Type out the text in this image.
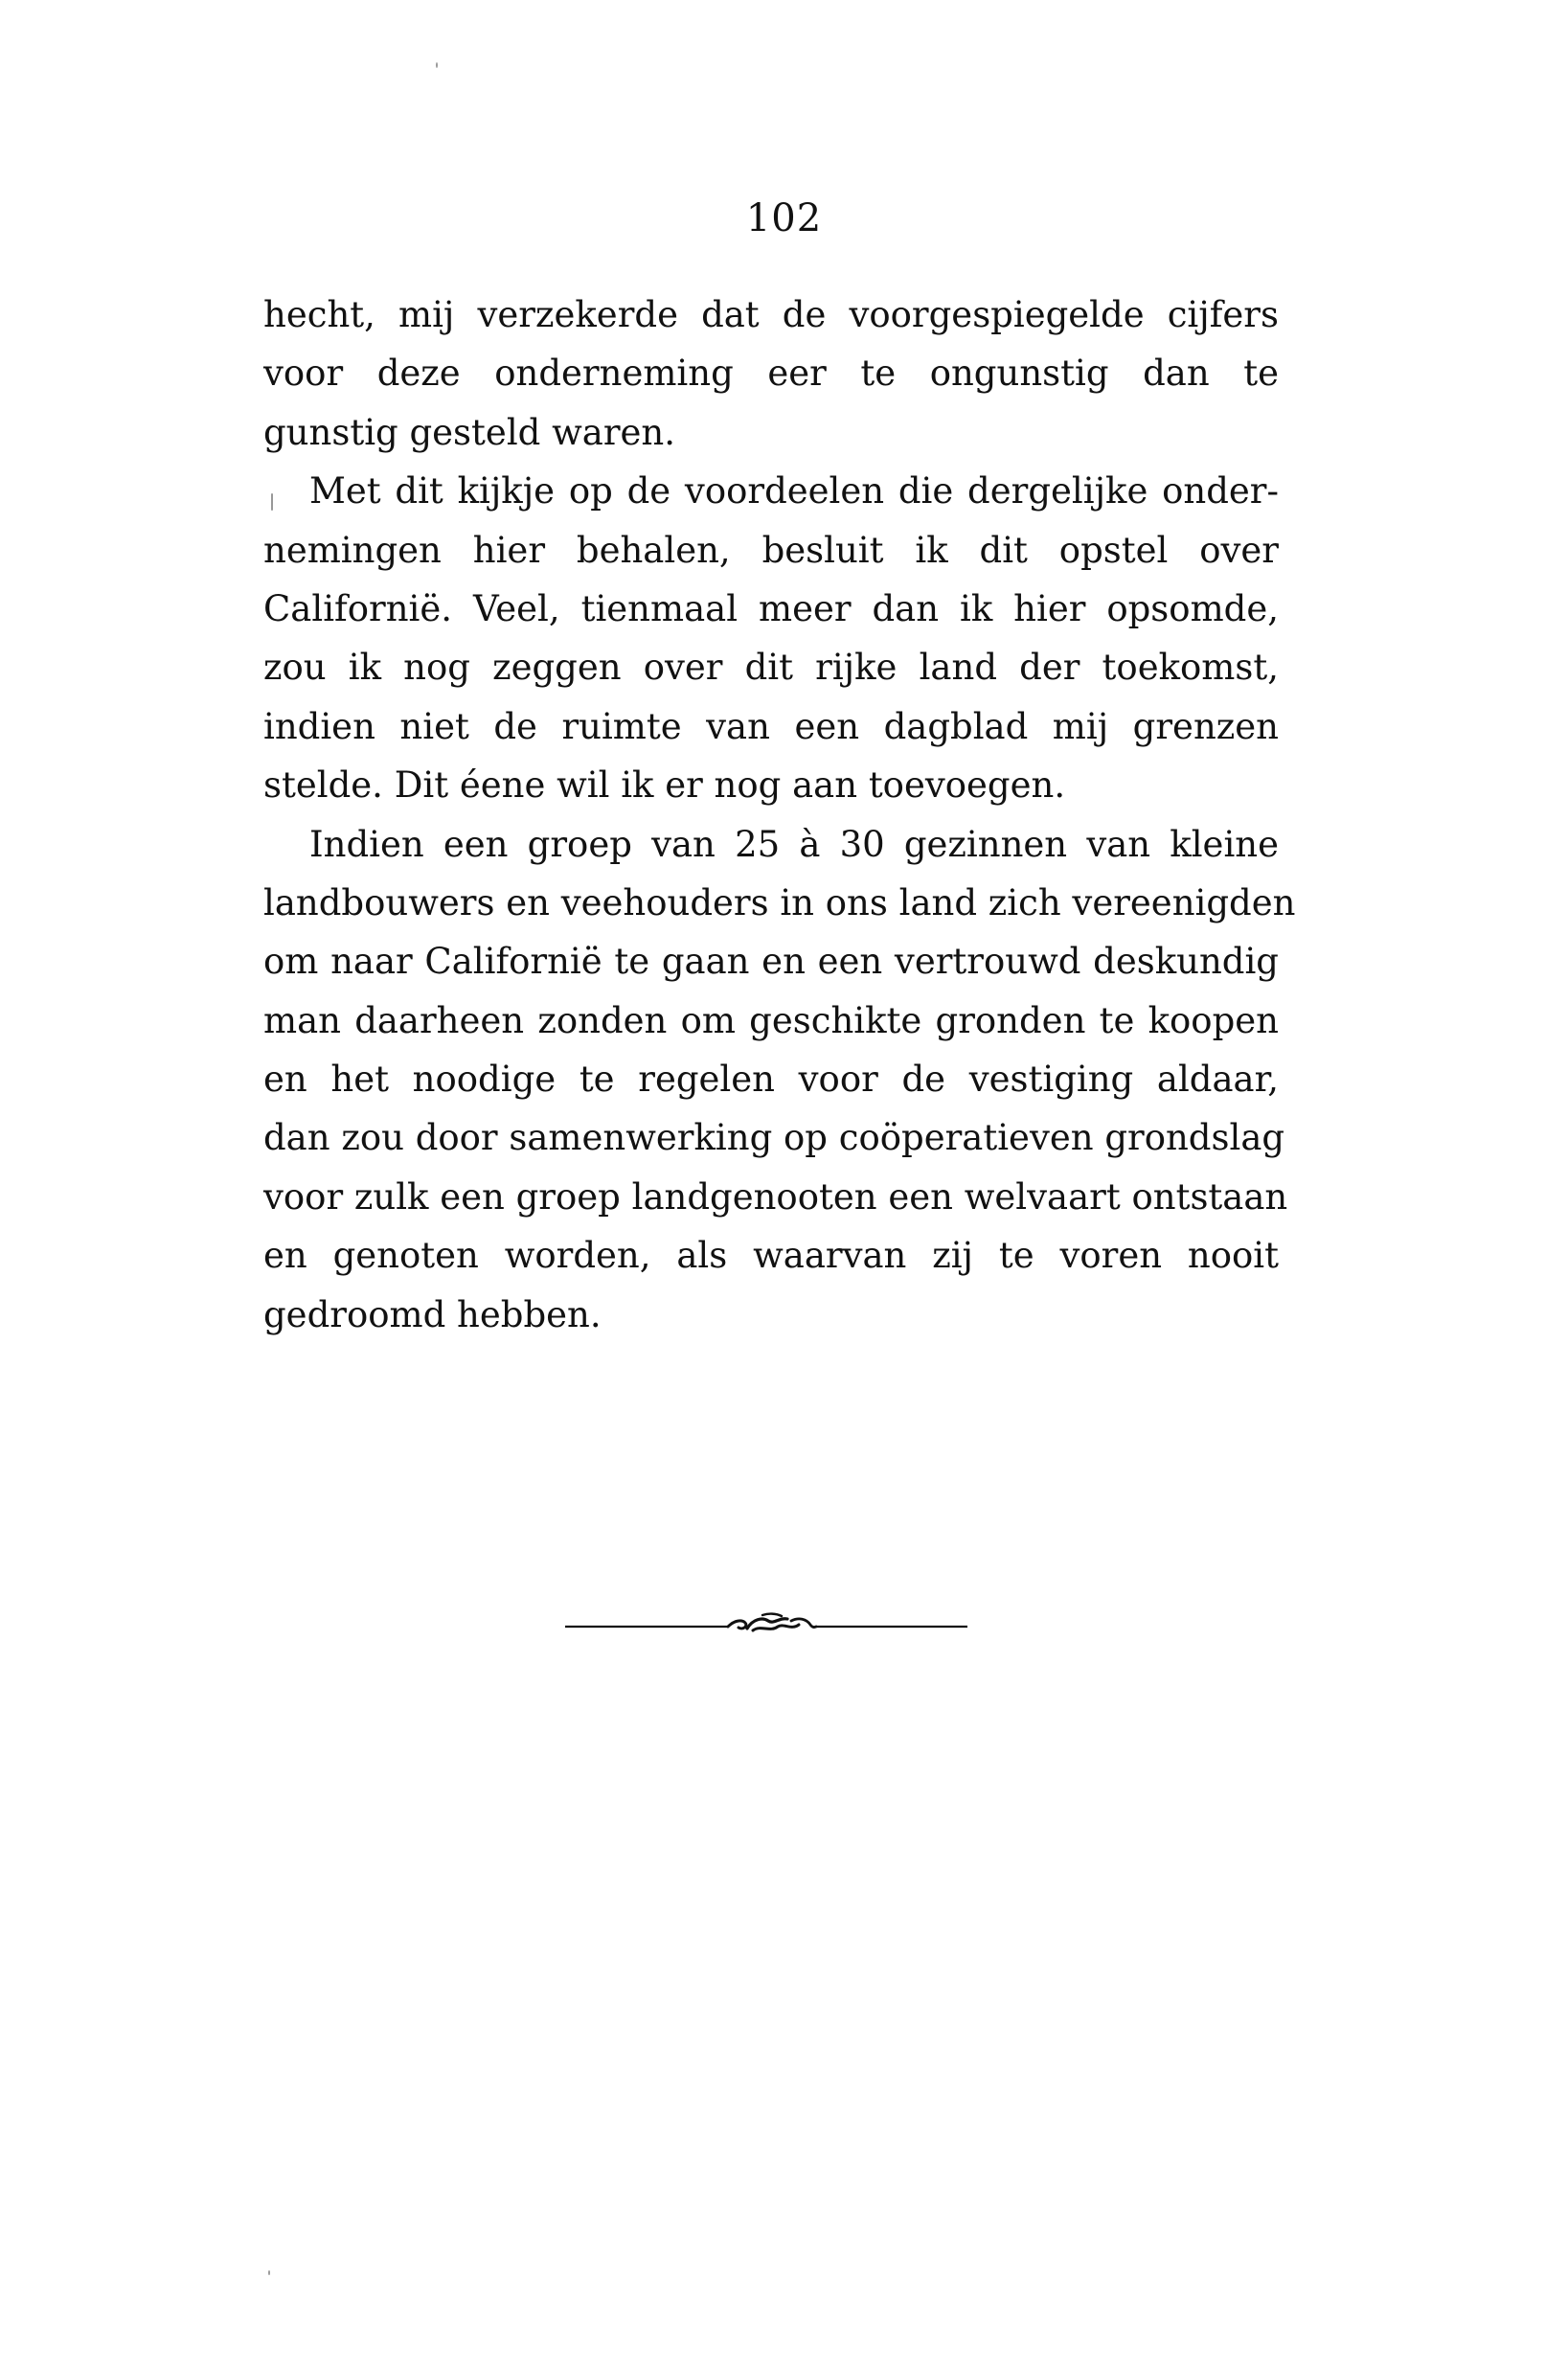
102
hecht, mij verzekerde dat de voorgespiegelde cijfers
voor deze onderneming eer te ongunstig dan te
gunstig gesteld waren.
Met dit kijkje op de voordeelen die dergelijke onder-
nemingen hier behalen, besluit ik dit opstel over
Californië. Veel, tienmaal meer dan ik hier opsomde,
zou ik nog zeggen over dit rijke land der toekomst,
indien niet de ruimte van een dagblad mij grenzen
stelde. Dit éene wil ik er nog aan toevoegen.
Indien een groep van 25 à 30 gezinnen van kleine
landbouwers en veehouders in ons land zich vereenigden
om naar Californië te gaan en een vertrouwd deskundig
man daarheen zonden om geschikte gronden te koopen
en het noodige te regelen voor de vestiging aldaar,
dan zou door samenwerking op coöperatieven grondslag
voor zulk een groep landgenooten een welvaart ontstaan
en genoten worden, als waarvan zij te voren nooit
gedroomd hebben.
